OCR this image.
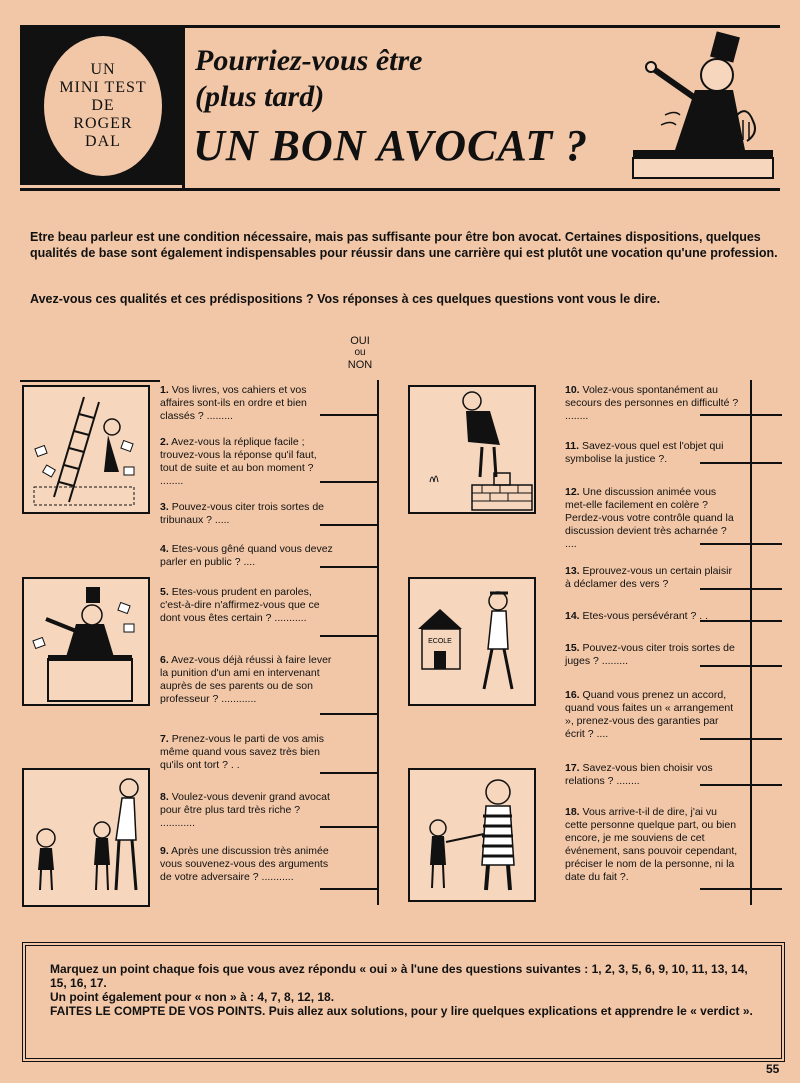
UN
MINI TEST
DE
ROGER
DAL
Pourriez-vous être
(plus tard)
UN BON AVOCAT ?
Etre beau parleur est une condition nécessaire, mais pas suffisante pour être bon avocat. Certaines dispositions, quelques qualités de base sont également indispensables pour réussir dans une carrière qui est plutôt une vocation qu'une profession.
Avez-vous ces qualités et ces prédispositions ? Vos réponses à ces quelques questions vont vous le dire.
OUI
ou
NON
ECOLE
1. Vos livres, vos cahiers et vos affaires sont-ils en ordre et bien classés ? .........
2. Avez-vous la réplique facile ; trouvez-vous la réponse qu'il faut, tout de suite et au bon moment ? ........
3. Pouvez-vous citer trois sortes de tribunaux ? .....
4. Etes-vous gêné quand vous devez parler en public ? ....
5. Etes-vous prudent en paroles, c'est-à-dire n'affirmez-vous que ce dont vous êtes certain ? ...........
6. Avez-vous déjà réussi à faire lever la punition d'un ami en intervenant auprès de ses parents ou de son professeur ? ............
7. Prenez-vous le parti de vos amis même quand vous savez très bien qu'ils ont tort ? . .
8. Voulez-vous devenir grand avocat pour être plus tard très riche ? ............
9. Après une discussion très animée vous souvenez-vous des arguments de votre adversaire ? ...........
10. Volez-vous spontanément au secours des personnes en difficulté ? ........
11. Savez-vous quel est l'objet qui symbolise la justice ?.
12. Une discussion animée vous met-elle facilement en colère ? Perdez-vous votre contrôle quand la discussion devient très acharnée ? ....
13. Eprouvez-vous un certain plaisir à déclamer des vers ?
14. Etes-vous persévérant ? . .
15. Pouvez-vous citer trois sortes de juges ? .........
16. Quand vous prenez un accord, quand vous faites un « arrangement », prenez-vous des garanties par écrit ? ....
17. Savez-vous bien choisir vos relations ? ........
18. Vous arrive-t-il de dire, j'ai vu cette personne quelque part, ou bien encore, je me souviens de cet événement, sans pouvoir cependant, préciser le nom de la personne, ni la date du fait ?.
Marquez un point chaque fois que vous avez répondu « oui » à l'une des questions suivantes : 1, 2, 3, 5, 6, 9, 10, 11, 13, 14, 15, 16, 17.
Un point également pour « non » à : 4, 7, 8, 12, 18.
FAITES LE COMPTE DE VOS POINTS. Puis allez aux solutions, pour y lire quelques explications et apprendre le « verdict ».
55
